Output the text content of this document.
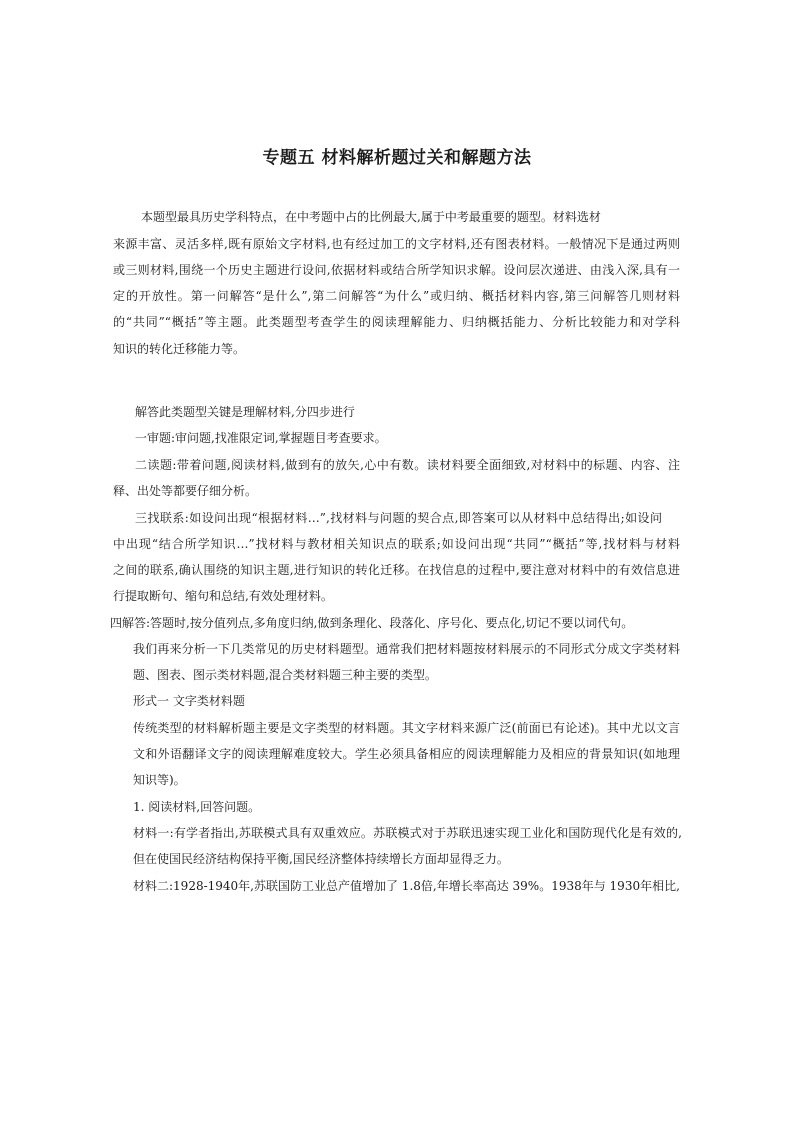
专题五 材料解析题过关和解题方法
本题型最具历史学科特点，在中考题中占的比例最大,属于中考最重要的题型。材料选材
来源丰富、灵活多样,既有原始文字材料,也有经过加工的文字材料,还有图表材料。一般情况下是通过两则
或三则材料,围绕一个历史主题进行设问,依据材料或结合所学知识求解。设问层次递进、由浅入深,具有一
定的开放性。第一问解答“是什么”,第二问解答“为什么”或归纳、概括材料内容,第三问解答几则材料
的“共同”“概括”等主题。此类题型考查学生的阅读理解能力、归纳概括能力、分析比较能力和对学科
知识的转化迁移能力等。
解答此类题型关键是理解材料,分四步进行
一审题:审问题,找准限定词,掌握题目考查要求。
二读题:带着问题,阅读材料,做到有的放矢,心中有数。读材料要全面细致,对材料中的标题、内容、注
释、出处等都要仔细分析。
三找联系:如设问出现“根据材料…”,找材料与问题的契合点,即答案可以从材料中总结得出;如设问
中出现“结合所学知识…”找材料与教材相关知识点的联系;如设问出现“共同”“概括”等,找材料与材料
之间的联系,确认围绕的知识主题,进行知识的转化迁移。在找信息的过程中,要注意对材料中的有效信息进
行提取断句、缩句和总结,有效处理材料。
四解答:答题时,按分值列点,多角度归纳,做到条理化、段落化、序号化、要点化,切记不要以词代句。
我们再来分析一下几类常见的历史材料题型。通常我们把材料题按材料展示的不同形式分成文字类材料
题、图表、图示类材料题,混合类材料题三种主要的类型。
形式一 文字类材料题
传统类型的材料解析题主要是文字类型的材料题。其文字材料来源广泛(前面已有论述)。其中尤以文言
文和外语翻译文字的阅读理解难度较大。学生必须具备相应的阅读理解能力及相应的背景知识(如地理
知识等)。
1. 阅读材料,回答问题。
材料一:有学者指出,苏联模式具有双重效应。苏联模式对于苏联迅速实现工业化和国防现代化是有效的,
但在使国民经济结构保持平衡,国民经济整体持续增长方面却显得乏力。
材料二:1928-1940年,苏联国防工业总产值增加了 1.8倍,年增长率高达 39%。1938年与 1930年相比,
